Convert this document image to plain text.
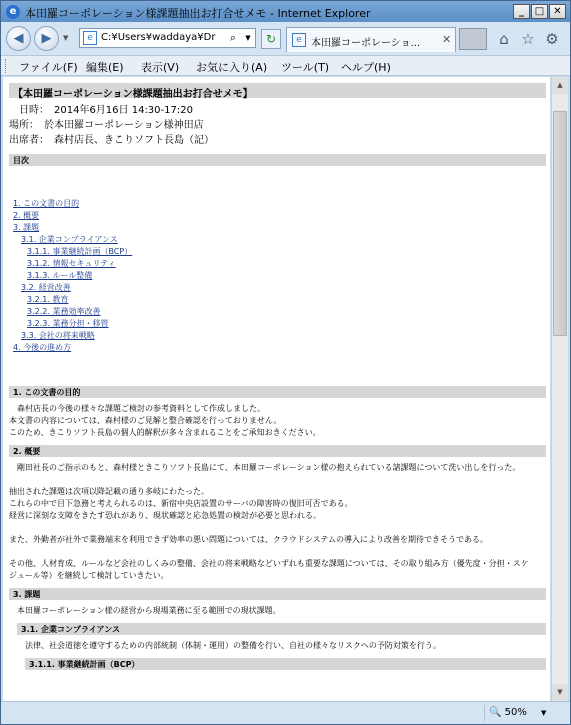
e 本田羅コーポレーション様課題抽出お打合せメモ - Internet Explorer	_	□ ✕
◀	▶	▼	e C:¥Users¥waddaya¥Dr	⌕	▼	↻	e 本田羅コーポレーショ... ✕	⌂ ☆ ⚙
ファイル(F) 編集(E) 表示(V) お気に入り(A) ツール(T) ヘルプ(H)
【本田羅コーポレーション様課題抽出お打合せメモ】
日時：　2014年6月16日 14:30-17:20
場所：　於本田羅コーポレーション様神田店
出席者：　森村店長、きこりソフト長島（記）
目次
1. この文書の目的
2. 概要
3. 課題
3.1. 企業コンプライアンス
3.1.1. 事業継続計画（BCP）
3.1.2. 情報セキュリティ
3.1.3. ルール整備
3.2. 経営改善
3.2.1. 教育
3.2.2. 業務効率改善
3.2.3. 業務分担・移管
3.3. 会社の将来戦略
4. 今後の進め方
1. この文書の目的
　森村店長の今後の様々な課題ご検討の参考資料として作成しました。
本文書の内容については、森村様のご見解と整合確認を行っておりません。
このため、きこりソフト長島の個人的解釈が多々含まれることをご承知おきください。
2. 概要
　剛田社長のご指示のもと、森村様ときこりソフト長島にて、本田羅コーポレーション様の抱えられている諸課題について洗い出しを行った。

抽出された課題は次項以降記載の通り多岐にわたった。
これらの中で目下急務と考えられるのは、新宿中央店設置のサーバの障害時の復旧可否である。
経営に深刻な支障をきたす恐れがあり、現状確認と応急処置の検討が必要と思われる。

また、外勤者が社外で業務端末を利用できず効率の悪い問題については、クラウドシステムの導入により改善を期待できそうである。

その他、人材育成、ルールなど会社のしくみの整備、会社の将来戦略などいずれも重要な課題については、その取り組み方（優先度・分担・スケ
ジュール等）を継続して検討していきたい。
3. 課題
　本田羅コーポレーション様の経営から現場業務に至る範囲での現状課題。
3.1. 企業コンプライアンス
　法律、社会道徳を遵守するための内部統制（体制・運用）の整備を行い、自社の様々なリスクへの予防対策を行う。
3.1.1. 事業継続計画（BCP）
▲
▼
🔍 50% ▼
